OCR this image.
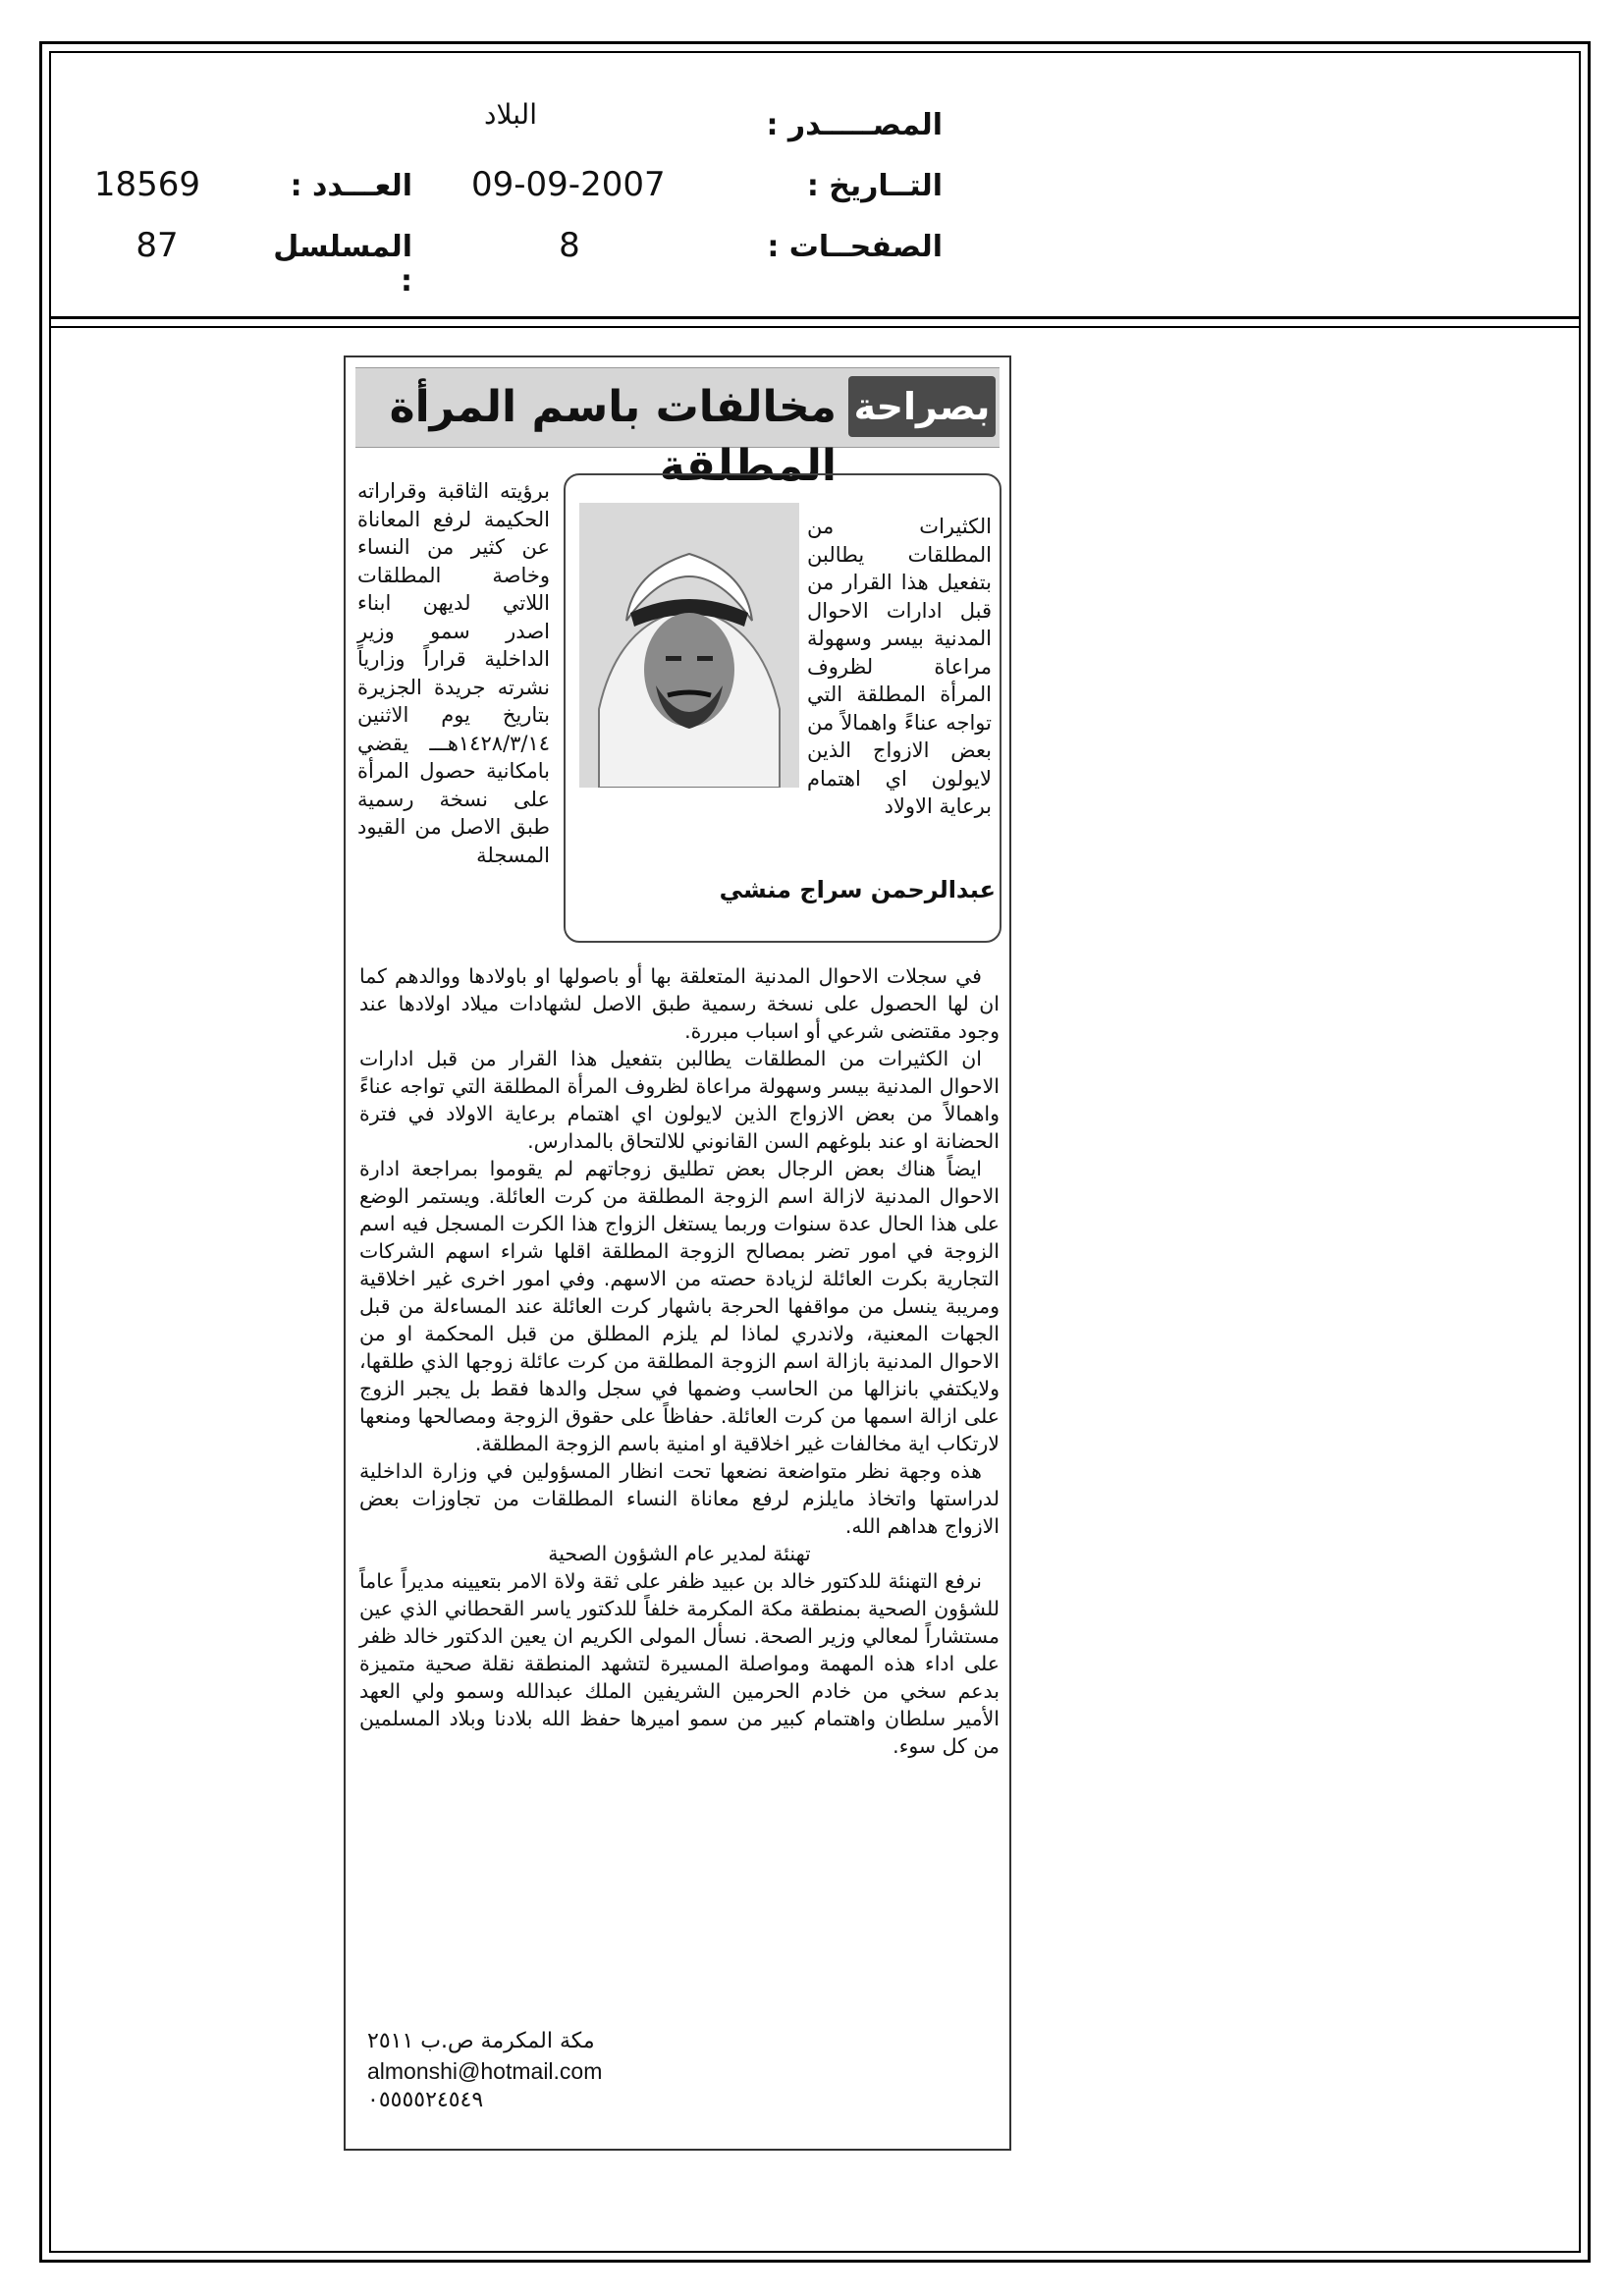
المصـــــدر :
البلاد
التــاريخ :
09-09-2007
الصفحــات :
8
العـــدد :
18569
المسلسل :
87
بصراحة
مخالفات باسم المرأة المطلقة
الكثيرات من المطلقات يطالبن بتفعيل هذا القرار من قبل ادارات الاحوال المدنية بيسر وسهولة مراعاة لظروف المرأة المطلقة التي تواجه عناءً واهمالاً من بعض الازواج الذين لايولون اي اهتمام برعاية الاولاد
عبدالرحمن سراج منشي
برؤيته الثاقبة وقراراته الحكيمة لرفع المعاناة عن كثير من النساء وخاصة المطلقات اللاتي لديهن ابناء اصدر سمو وزير الداخلية قراراً وزارياً نشرته جريدة الجزيرة بتاريخ يوم الاثنين ١٤٢٨/٣/١٤هـــ يقضي بامكانية حصول المرأة على نسخة رسمية طبق الاصل من القيود المسجلة

في سجلات الاحوال المدنية المتعلقة بها أو باصولها او باولادها ووالدهم كما ان لها الحصول على نسخة رسمية طبق الاصل لشهادات ميلاد اولادها عند وجود مقتضى شرعي أو اسباب مبررة.

ان الكثيرات من المطلقات يطالبن بتفعيل هذا القرار من قبل ادارات الاحوال المدنية بيسر وسهولة مراعاة لظروف المرأة المطلقة التي تواجه عناءً واهمالاً من بعض الازواج الذين لايولون اي اهتمام برعاية الاولاد في فترة الحضانة او عند بلوغهم السن القانوني للالتحاق بالمدارس.

ايضاً هناك بعض الرجال بعض تطليق زوجاتهم لم يقوموا بمراجعة ادارة الاحوال المدنية لازالة اسم الزوجة المطلقة من كرت العائلة. ويستمر الوضع على هذا الحال عدة سنوات وربما يستغل الزواج هذا الكرت المسجل فيه اسم الزوجة في امور تضر بمصالح الزوجة المطلقة اقلها شراء اسهم الشركات التجارية بكرت العائلة لزيادة حصته من الاسهم. وفي امور اخرى غير اخلاقية ومريبة ينسل من مواقفها الحرجة باشهار كرت العائلة عند المساءلة من قبل الجهات المعنية، ولاندري لماذا لم يلزم المطلق من قبل المحكمة او من الاحوال المدنية بازالة اسم الزوجة المطلقة من كرت عائلة زوجها الذي طلقها، ولايكتفي بانزالها من الحاسب وضمها في سجل والدها فقط بل يجبر الزوج على ازالة اسمها من كرت العائلة. حفاظاً على حقوق الزوجة ومصالحها ومنعها لارتكاب اية مخالفات غير اخلاقية او امنية باسم الزوجة المطلقة.

هذه وجهة نظر متواضعة نضعها تحت انظار المسؤولين في وزارة الداخلية لدراستها واتخاذ مايلزم لرفع معاناة النساء المطلقات من تجاوزات بعض الازواج هداهم الله.

تهنئة لمدير عام الشؤون الصحية

نرفع التهنئة للدكتور خالد بن عبيد ظفر على ثقة ولاة الامر بتعيينه مديراً عاماً للشؤون الصحية بمنطقة مكة المكرمة خلفاً للدكتور ياسر القحطاني الذي عين مستشاراً لمعالي وزير الصحة. نسأل المولى الكريم ان يعين الدكتور خالد ظفر على اداء هذه المهمة ومواصلة المسيرة لتشهد المنطقة نقلة صحية متميزة بدعم سخي من خادم الحرمين الشريفين الملك عبدالله وسمو ولي العهد الأمير سلطان واهتمام كبير من سمو اميرها حفظ الله بلادنا وبلاد المسلمين من كل سوء.

مكة المكرمة ص.ب ٢٥١١
almonshi@hotmail.com
٠٥٥٥٥٢٤٥٤٩
